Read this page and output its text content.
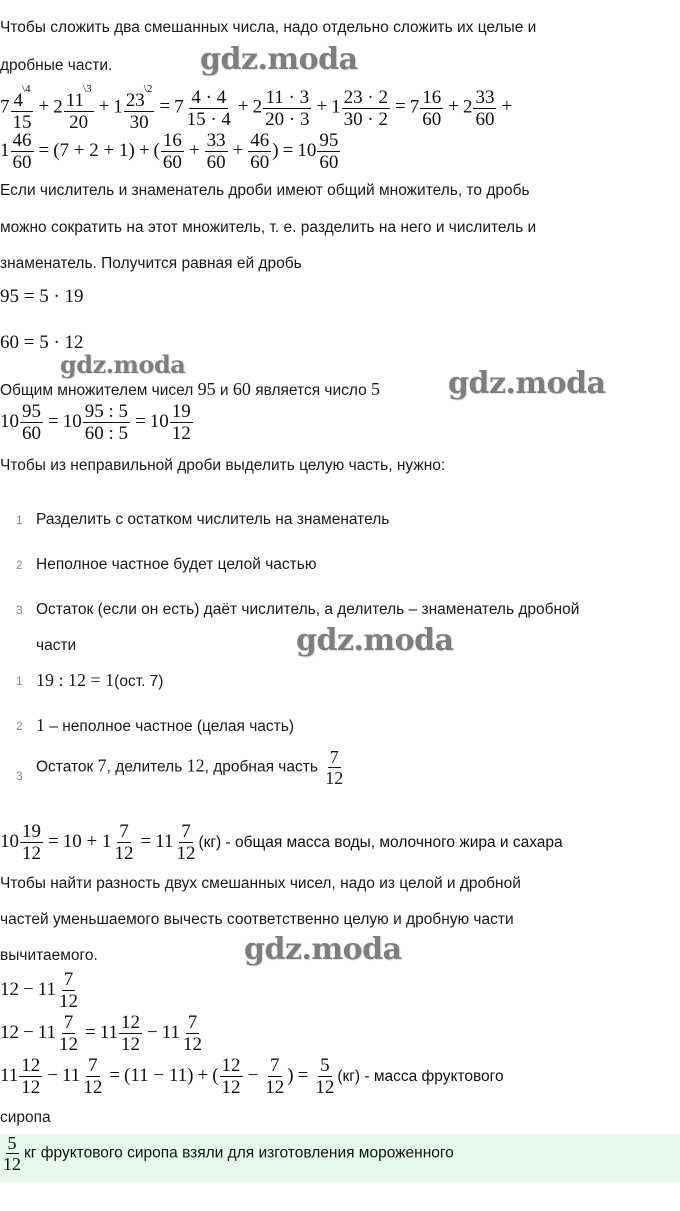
Чтобы сложить два смешанных числа, надо отдельно сложить их целые и
дробные части.
$7 \frac{4^{\backslash 4}}{15} + 2 \frac{11^{\backslash 3}}{20} + 1 \frac{23^{\backslash 2}}{30} = 7 \frac{4 \cdot 4}{15 \cdot 4} + 2 \frac{11 \cdot 3}{20 \cdot 3} + 1 \frac{23 \cdot 2}{30 \cdot 2} = 7 \frac{16}{60} + 2 \frac{33}{60}$ +
$1 \frac{46}{60} = (7 + 2 + 1)$ + ( $\frac{16}{60} + \frac{33}{60} + \frac{46}{60}$ ) = $10 \frac{95}{60}$
Если числитель и знаменатель дроби имеют общий множитель, то дробь
можно сократить на этот множитель, т. е. разделить на него и числитель и
знаменатель. Получится равная ей дробь
95 = 5 · 19
60 = 5 · 12
Общим множителем чисел 95 и 60 является число 5
$10 \frac{95}{60} = 10 \frac{95 : 5}{60 : 5} = 10 \frac{19}{12}$
Чтобы из неправильной дроби выделить целую часть, нужно:
1 Разделить с остатком числитель на знаменатель
2 Неполное частное будет целой частью
3 Остаток (если он есть) даёт числитель, а делитель – знаменатель дробной
части
1 19 : 12 = 1(ост. 7)
2 1 – неполное частное (целая часть)
3
Остаток 7, делитель 12, дробная часть $\frac{7}{12}$
$10 \frac{19}{12} = 10 + 1 \frac{7}{12} = 11 \frac{7}{12} (кг)$ - общая масса воды, молочного жира и сахара
Чтобы найти разность двух смешанных чисел, надо из целой и дробной
частей уменьшаемого вычесть соответственно целую и дробную части
вычитаемого.
$12 - 11 \frac{7}{12}$
$12 - 11 \frac{7}{12} = 11 \frac{12}{12} - 11 \frac{7}{12}$
$11 \frac{12}{12} - 11 \frac{7}{12} = (11 - 11)$ + ( $\frac{12}{12} - \frac{7}{12}$ ) = $\frac{5}{12} (кг)$ - масса фруктового
сиропа
$\frac{5}{12}$ кг фруктового сиропа взяли для изготовления мороженного
gdz.moda
gdz.moda
gdz.moda
gdz.moda
gdz.moda
